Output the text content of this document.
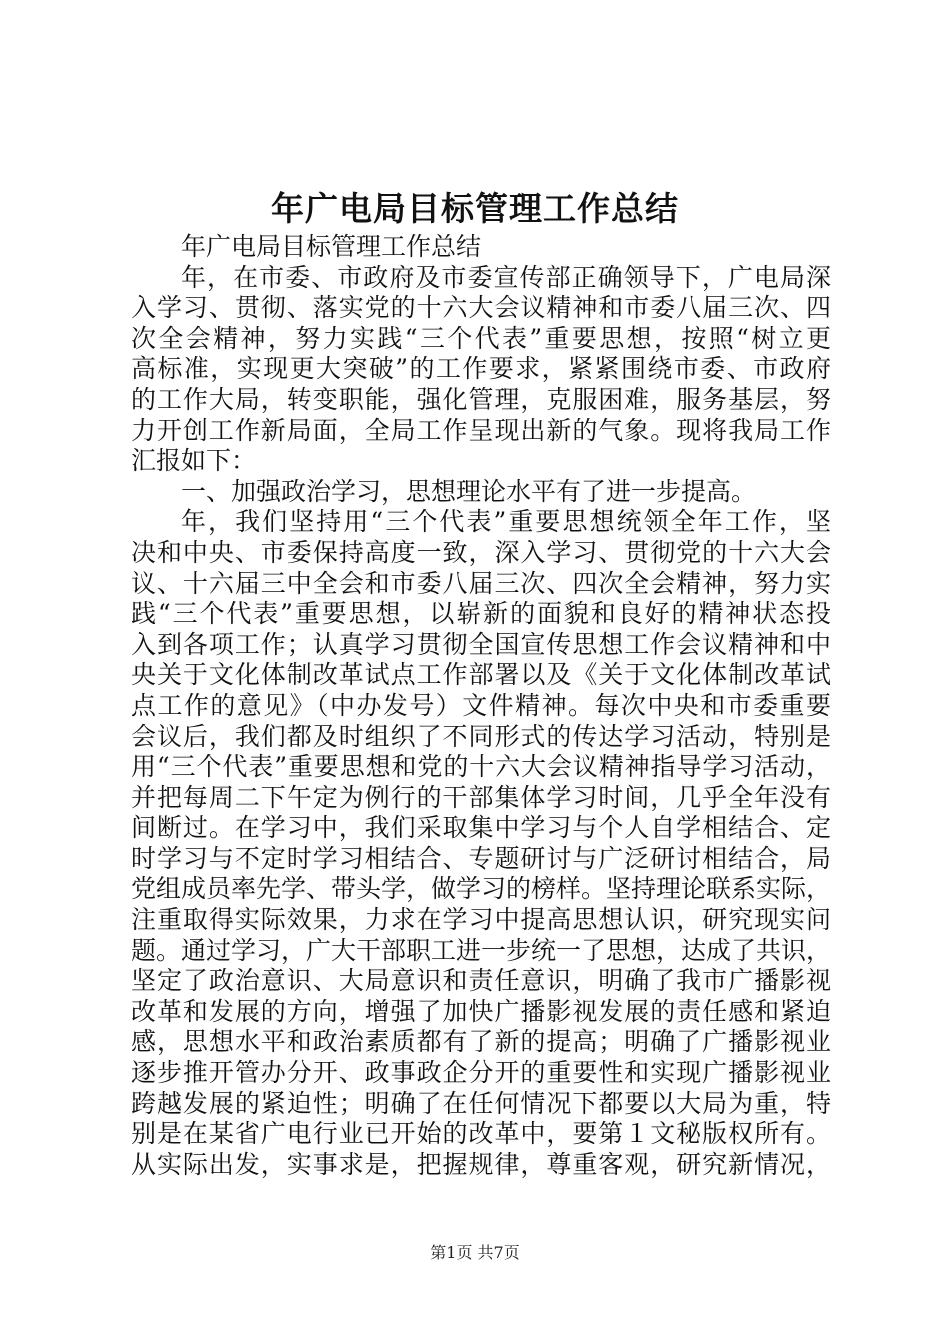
年广电局目标管理工作总结
年广电局目标管理工作总结
年，在市委、市政府及市委宣传部正确领导下，广电局深
入学习、贯彻、落实党的十六大会议精神和市委八届三次、四
次全会精神，努力实践“三个代表”重要思想，按照“树立更
高标准，实现更大突破”的工作要求，紧紧围绕市委、市政府
的工作大局，转变职能，强化管理，克服困难，服务基层，努
力开创工作新局面，全局工作呈现出新的气象。现将我局工作
汇报如下：
一、加强政治学习，思想理论水平有了进一步提高。
年，我们坚持用“三个代表”重要思想统领全年工作，坚
决和中央、市委保持高度一致，深入学习、贯彻党的十六大会
议、十六届三中全会和市委八届三次、四次全会精神，努力实
践“三个代表”重要思想，以崭新的面貌和良好的精神状态投
入到各项工作；认真学习贯彻全国宣传思想工作会议精神和中
央关于文化体制改革试点工作部署以及《关于文化体制改革试
点工作的意见》（中办发号）文件精神。每次中央和市委重要
会议后，我们都及时组织了不同形式的传达学习活动，特别是
用“三个代表”重要思想和党的十六大会议精神指导学习活动，
并把每周二下午定为例行的干部集体学习时间，几乎全年没有
间断过。在学习中，我们采取集中学习与个人自学相结合、定
时学习与不定时学习相结合、专题研讨与广泛研讨相结合，局
党组成员率先学、带头学，做学习的榜样。坚持理论联系实际，
注重取得实际效果，力求在学习中提高思想认识，研究现实问
题。通过学习，广大干部职工进一步统一了思想，达成了共识，
坚定了政治意识、大局意识和责任意识，明确了我市广播影视
改革和发展的方向，增强了加快广播影视发展的责任感和紧迫
感，思想水平和政治素质都有了新的提高；明确了广播影视业
逐步推开管办分开、政事政企分开的重要性和实现广播影视业
跨越发展的紧迫性；明确了在任何情况下都要以大局为重，特
别是在某省广电行业已开始的改革中，要第１文秘版权所有。
从实际出发，实事求是，把握规律，尊重客观，研究新情况，
第1页 共7页
